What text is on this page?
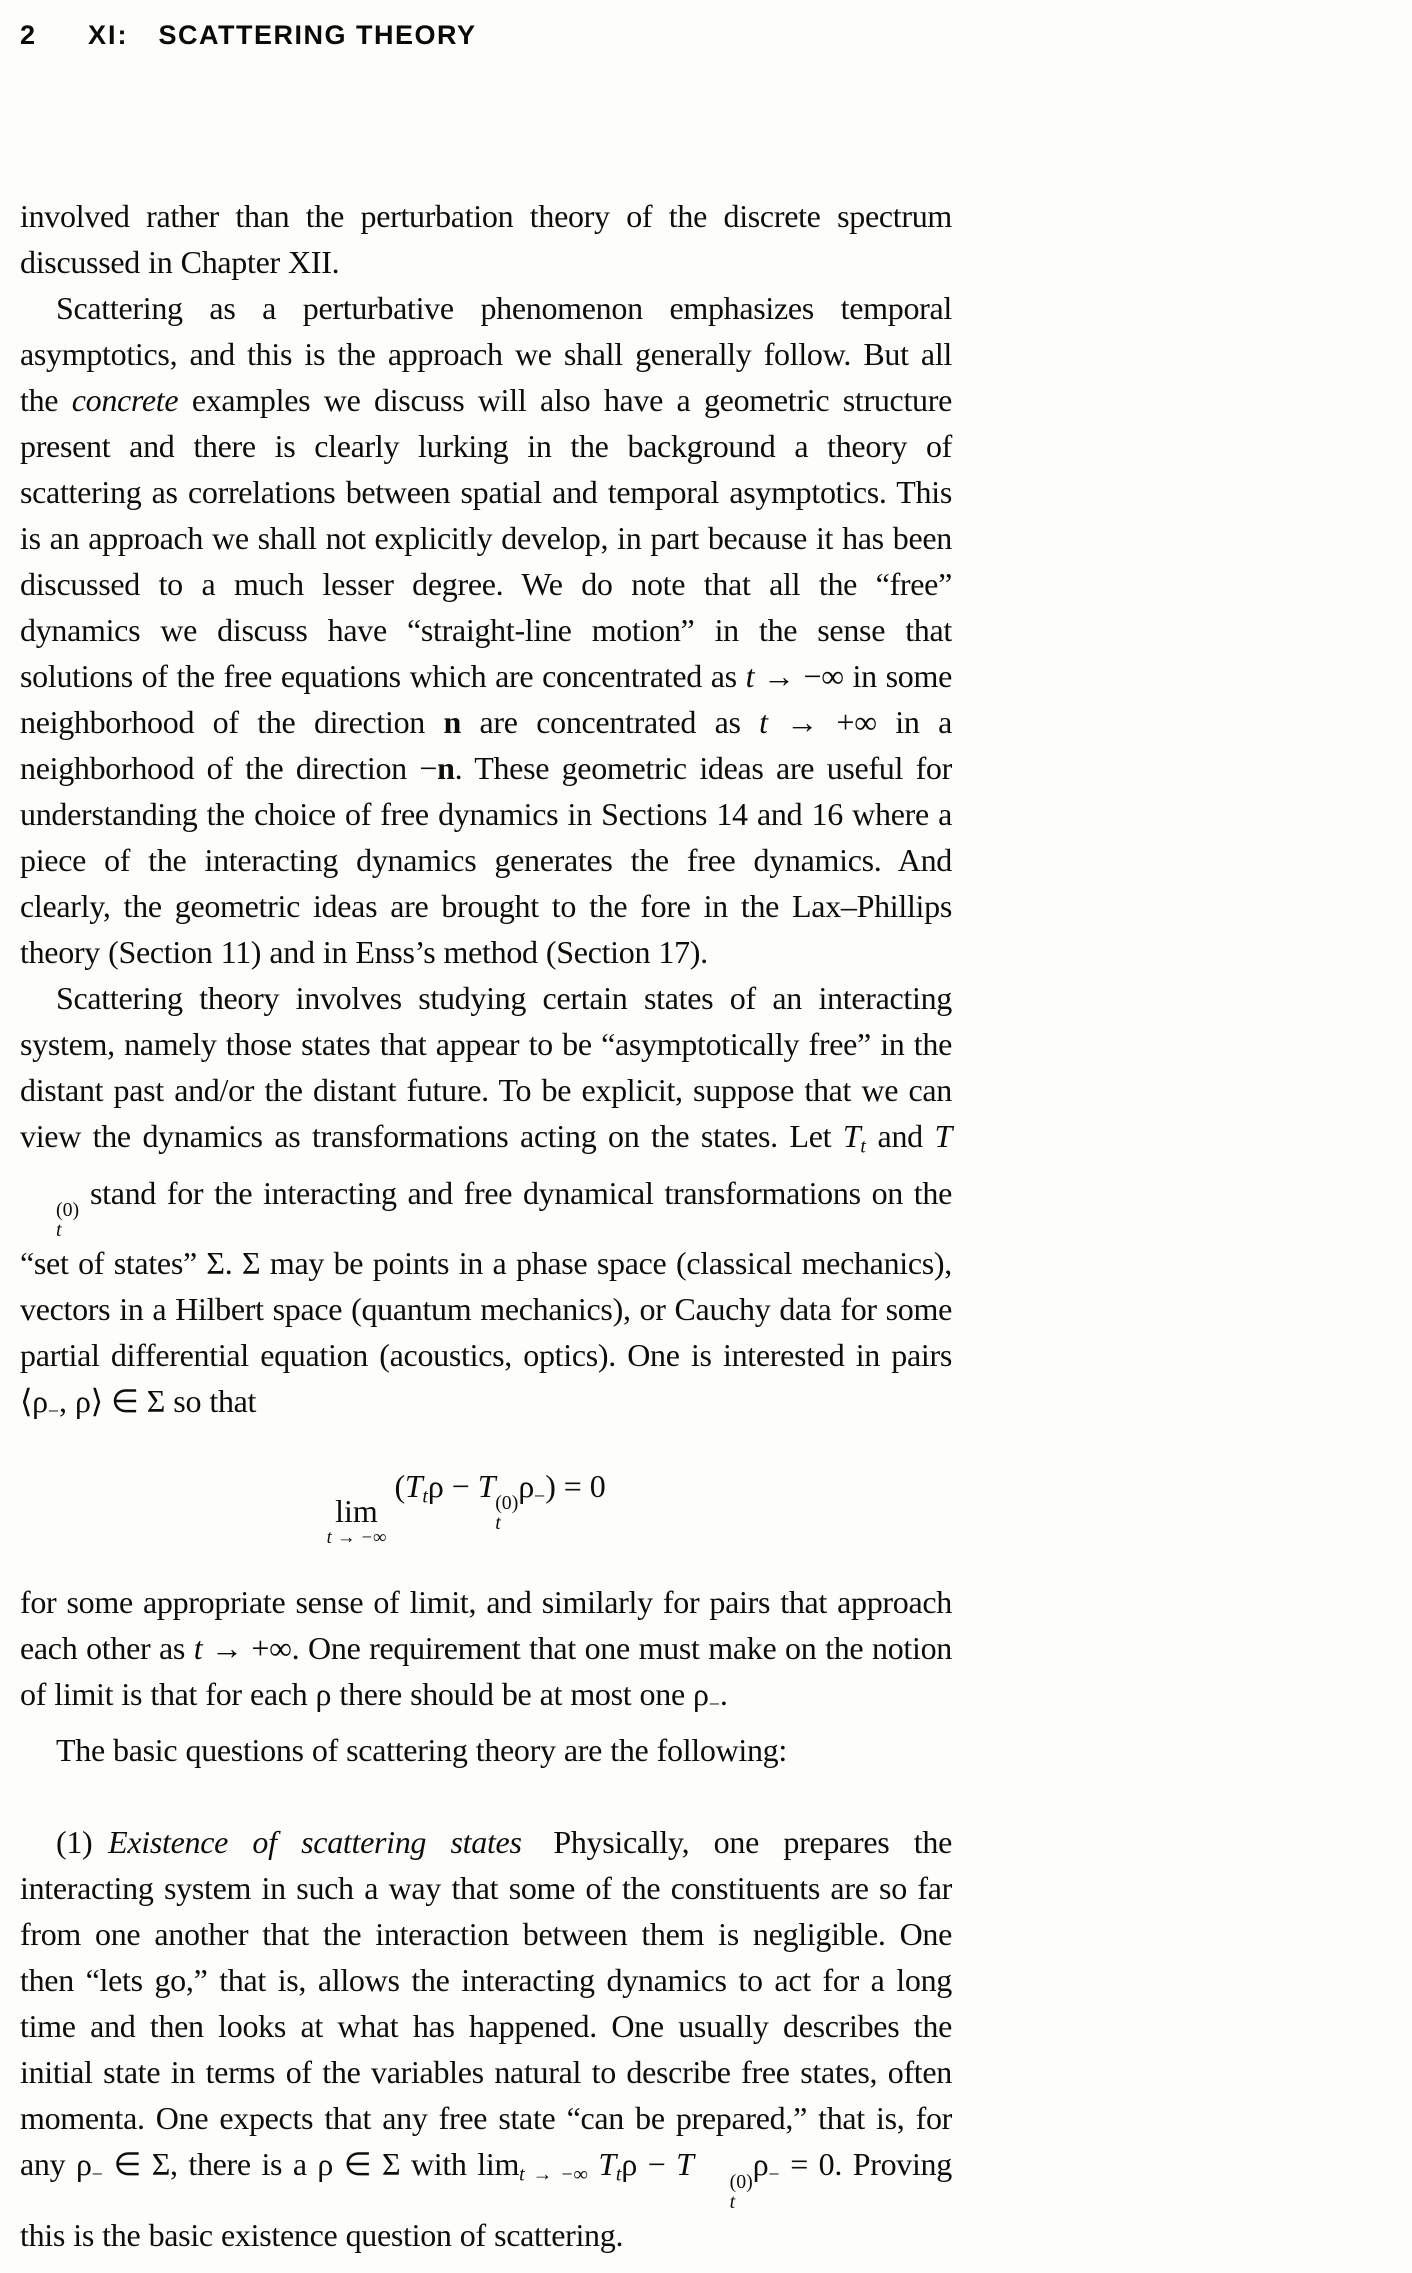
2	XI: SCATTERING THEORY

involved rather than the perturbation theory of the discrete spectrum discussed in Chapter XII.

Scattering as a perturbative phenomenon emphasizes temporal asymptotics, and this is the approach we shall generally follow. But all the concrete examples we discuss will also have a geometric structure present and there is clearly lurking in the background a theory of scattering as correlations between spatial and temporal asymptotics. This is an approach we shall not explicitly develop, in part because it has been discussed to a much lesser degree. We do note that all the “free” dynamics we discuss have “straight-line motion” in the sense that solutions of the free equations which are concentrated as t → −∞ in some neighborhood of the direction n are concentrated as t → +∞ in a neighborhood of the direction −n. These geometric ideas are useful for understanding the choice of free dynamics in Sections 14 and 16 where a piece of the interacting dynamics generates the free dynamics. And clearly, the geometric ideas are brought to the fore in the Lax–Phillips theory (Section 11) and in Enss’s method (Section 17).

Scattering theory involves studying certain states of an interacting system, namely those states that appear to be “asymptotically free” in the distant past and/or the distant future. To be explicit, suppose that we can view the dynamics as transformations acting on the states. Let $T_t$ and T
(0)
t
stand for the interacting and free dynamical transformations on the “set of states” Σ. Σ may be points in a phase space (classical mechanics), vectors in a Hilbert space (quantum mechanics), or Cauchy data for some partial differential equation (acoustics, optics). One is interested in pairs $⟨\rho_-$, ρ⟩ ∈ Σ so that

lim
t → −∞
($T_t\rho - T$ (0)
t
$\rho_-) = 0$

for some appropriate sense of limit, and similarly for pairs that approach each other as t → +∞. One requirement that one must make on the notion of limit is that for each ρ there should be at most one $\rho_-$.

The basic questions of scattering theory are the following:

(1) Existence of scattering states Physically, one prepares the interacting system in such a way that some of the constituents are so far from one another that the interaction between them is negligible. One then “lets go,” that is, allows the interacting dynamics to act for a long time and then looks at what has happened. One usually describes the initial state in terms of the variables natural to describe free states, often momenta. One expects that any free state “can be prepared,” that is, for any $\rho_-$ ∈ Σ, there is a ρ ∈ Σ with $\lim_{t \to -\infty} T_t\rho - T$	(0)
t
$\rho_- = 0$. Proving this is the basic existence question of scattering.
